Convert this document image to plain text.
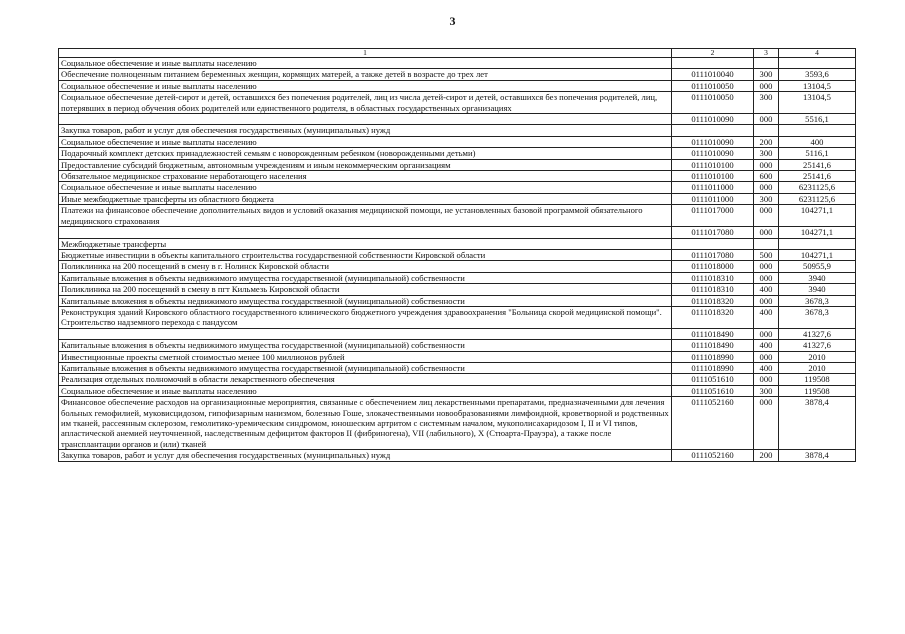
3
1	2	3	4
Социальное обеспечение и иные выплаты населению			
Обеспечение полноценным питанием беременных женщин, кормящих матерей, а также детей в возрасте до трех лет	0111010040	300	3593,6
Социальное обеспечение и иные выплаты населению	0111010050	000	13104,5
Социальное обеспечение детей-сирот и детей, оставшихся без попечения родителей, лиц из числа детей-сирот и детей, оставшихся без попечения родителей, лиц, потерявших в период обучения обоих родителей или единственного родителя, в областных государственных организациях	0111010050	300	13104,5
	0111010090	000	5516,1
Закупка товаров, работ и услуг для обеспечения государственных (муниципальных) нужд			
Социальное обеспечение и иные выплаты населению	0111010090	200	400
Подарочный комплект детских принадлежностей семьям с новорожденным ребенком (новорожденными детьми)	0111010090	300	5116,1
Предоставление субсидий бюджетным, автономным учреждениям и иным некоммерческим организациям	0111010100	000	25141,6
Обязательное медицинское страхование неработающего населения	0111010100	600	25141,6
Социальное обеспечение и иные выплаты населению	0111011000	000	6231125,6
Иные межбюджетные трансферты из областного бюджета	0111011000	300	6231125,6
Платежи на финансовое обеспечение дополнительных видов и условий оказания медицинской помощи, не установленных базовой программой обязательного медицинского страхования	0111017000	000	104271,1
	0111017080	000	104271,1
Межбюджетные трансферты			
Бюджетные инвестиции в объекты капитального строительства государственной собственности Кировской области	0111017080	500	104271,1
Поликлиника на 200 посещений в смену в г. Нолинск Кировской области	0111018000	000	50955,9
Капитальные вложения в объекты недвижимого имущества государственной (муниципальной) собственности	0111018310	000	3940
Поликлиника на 200 посещений в смену в пгт Кильмезь Кировской области	0111018310	400	3940
Капитальные вложения в объекты недвижимого имущества государственной (муниципальной) собственности	0111018320	000	3678,3
Реконструкция зданий Кировского областного государственного клинического бюджетного учреждения здравоохранения "Больница скорой медицинской помощи". Строительство надземного перехода с пандусом	0111018320	400	3678,3
	0111018490	000	41327,6
Капитальные вложения в объекты недвижимого имущества государственной (муниципальной) собственности	0111018490	400	41327,6
Инвестиционные проекты сметной стоимостью менее 100 миллионов рублей	0111018990	000	2010
Капитальные вложения в объекты недвижимого имущества государственной (муниципальной) собственности	0111018990	400	2010
Реализация отдельных полномочий в области лекарственного обеспечения	0111051610	000	119508
Социальное обеспечение и иные выплаты населению	0111051610	300	119508
Финансовое обеспечение расходов на организационные мероприятия, связанные с обеспечением лиц лекарственными препаратами, предназначенными для лечения больных гемофилией, муковисцидозом, гипофизарным нанизмом, болезнью Гоше, злокачественными новообразованиями лимфоидной, кроветворной и родственных им тканей, рассеянным склерозом, гемолитико-уремическим синдромом, юношеским артритом с системным началом, мукополисахаридозом I, II и VI типов, апластической анемией неуточненной, наследственным дефицитом факторов II (фибриногена), VII (лабильного), X (Стюарта-Прауэра), а также после трансплантации органов и (или) тканей	0111052160	000	3878,4
Закупка товаров, работ и услуг для обеспечения государственных (муниципальных) нужд	0111052160	200	3878,4
